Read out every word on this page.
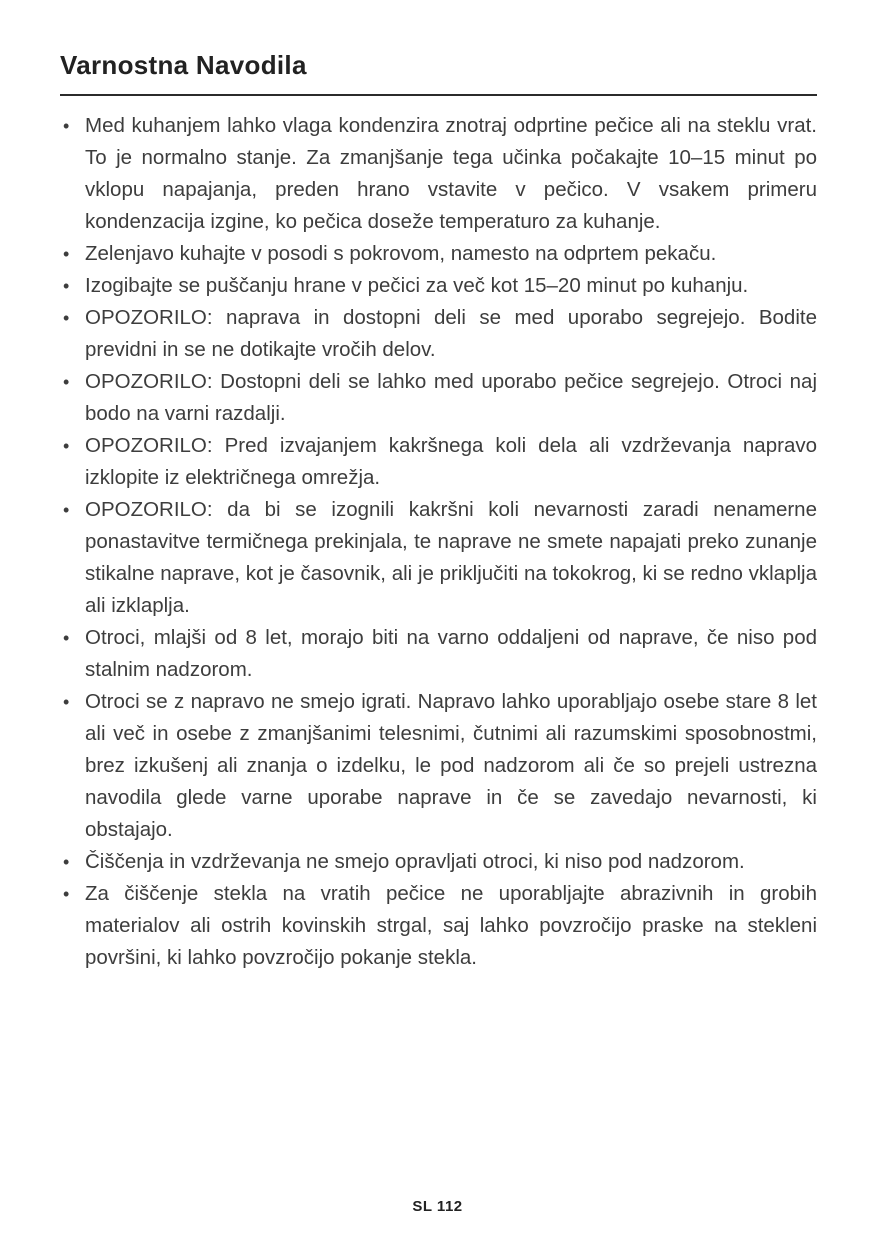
Varnostna Navodila
• Med kuhanjem lahko vlaga kondenzira znotraj odprtine pečice ali na steklu vrat. To je normalno stanje. Za zmanjšanje tega učinka počakajte 10–15 minut po vklopu napajanja, preden hrano vstavite v pečico. V vsakem primeru kondenzacija izgine, ko pečica doseže temperaturo za kuhanje.
• Zelenjavo kuhajte v posodi s pokrovom, namesto na odprtem pekaču.
• Izogibajte se puščanju hrane v pečici za več kot 15–20 minut po kuhanju.
• OPOZORILO: naprava in dostopni deli se med uporabo segrejejo. Bodite previdni in se ne dotikajte vročih delov.
• OPOZORILO: Dostopni deli se lahko med uporabo pečice segrejejo. Otroci naj bodo na varni razdalji.
• OPOZORILO: Pred izvajanjem kakršnega koli dela ali vzdrževanja napravo izklopite iz električnega omrežja.
• OPOZORILO: da bi se izognili kakršni koli nevarnosti zaradi nenamerne ponastavitve termičnega prekinjala, te naprave ne smete napajati preko zunanje stikalne naprave, kot je časovnik, ali je priključiti na tokokrog, ki se redno vklaplja ali izklaplja.
• Otroci, mlajši od 8 let, morajo biti na varno oddaljeni od naprave, če niso pod stalnim nadzorom.
• Otroci se z napravo ne smejo igrati. Napravo lahko uporabljajo osebe stare 8 let ali več in osebe z zmanjšanimi telesnimi, čutnimi ali razumskimi sposobnostmi, brez izkušenj ali znanja o izdelku, le pod nadzorom ali če so prejeli ustrezna navodila glede varne uporabe naprave in če se zavedajo nevarnosti, ki obstajajo.
• Čiščenja in vzdrževanja ne smejo opravljati otroci, ki niso pod nadzorom.
• Za čiščenje stekla na vratih pečice ne uporabljajte abrazivnih in grobih materialov ali ostrih kovinskih strgal, saj lahko povzročijo praske na stekleni površini, ki lahko povzročijo pokanje stekla.
SL 112
